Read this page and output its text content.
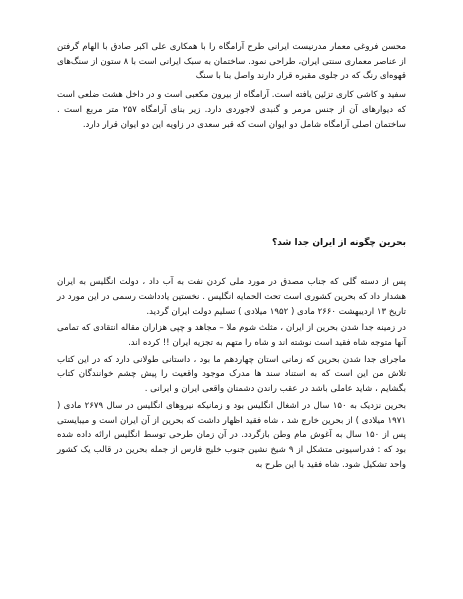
محسن فروغی معمار مدرنیست ایرانی طرح آرامگاه را با همکاری علی اکبر صادق با الهام گرفتن از عناصر معماری سنتی ایران، طراحی نمود. ساختمان به سبک ایرانی است با ۸ ستون از سنگ‌های قهوه‌ای رنگ که در جلوی مقبره قرار دارند واصل بنا با سنگ

سفید و کاشی کاری تزئین یافته است. آرامگاه از بیرون مکعبی است و در داخل هشت ضلعی است که دیوارهای آن از جنس مرمر و گنبدی لاجوردی دارد. زیر بنای آرامگاه ۲۵۷ متر مربع است . ساختمان اصلی آرامگاه شامل دو ایوان است که قبر سعدی در زاویه این دو ایوان قرار دارد.

بحرین چگونه از ایران جدا شد؟

پس از دسته گلی که جناب مصدق در مورد ملی کردن نفت به آب داد ، دولت انگلیس به ایران هشدار داد که بحرین کشوری است تحت الحمایه انگلیس . نخستین یادداشت رسمی در این مورد در تاریخ ۱۳ اردیبهشت ۲۶۶۰ مادی ( ۱۹۵۲ میلادی ) تسلیم دولت ایران گردید.

در زمینه جدا شدن بحرین از ایران ، مثلث شوم ملا – مجاهد و چپی هزاران مقاله انتقادی که تمامی آنها متوجه شاه فقید است نوشته اند و شاه را متهم به تجزیه ایران !! کرده اند.

ماجرای جدا شدن بحرین که زمانی استان چهاردهم ما بود ، داستانی طولانی دارد که در این کتاب تلاش من این است که به استناد سند ها مدرک موجود واقعیت را پیش چشم خوانندگان کتاب بگشایم ، شاید عاملی باشد در عقب راندن دشمنان واقعی ایران و ایرانی .

بحرین نزدیک به ۱۵۰ سال در اشغال انگلیس بود و زمانیکه نیروهای انگلیس در سال ۲۶۷۹ مادی ( ۱۹۷۱ میلادی ) از بحرین خارج شد ، شاه فقید اظهار داشت که بحرین از آن ایران است و میبایستی پس از ۱۵۰ سال به آغوش مام وطن بازگردد. در آن زمان طرحی توسط انگلیس ارائه داده شده بود که : فدراسیونی متشکل از ۹ شیخ نشین جنوب خلیج فارس از جمله بحرین در قالب یک کشور واحد تشکیل شود. شاه فقید با این طرح به
